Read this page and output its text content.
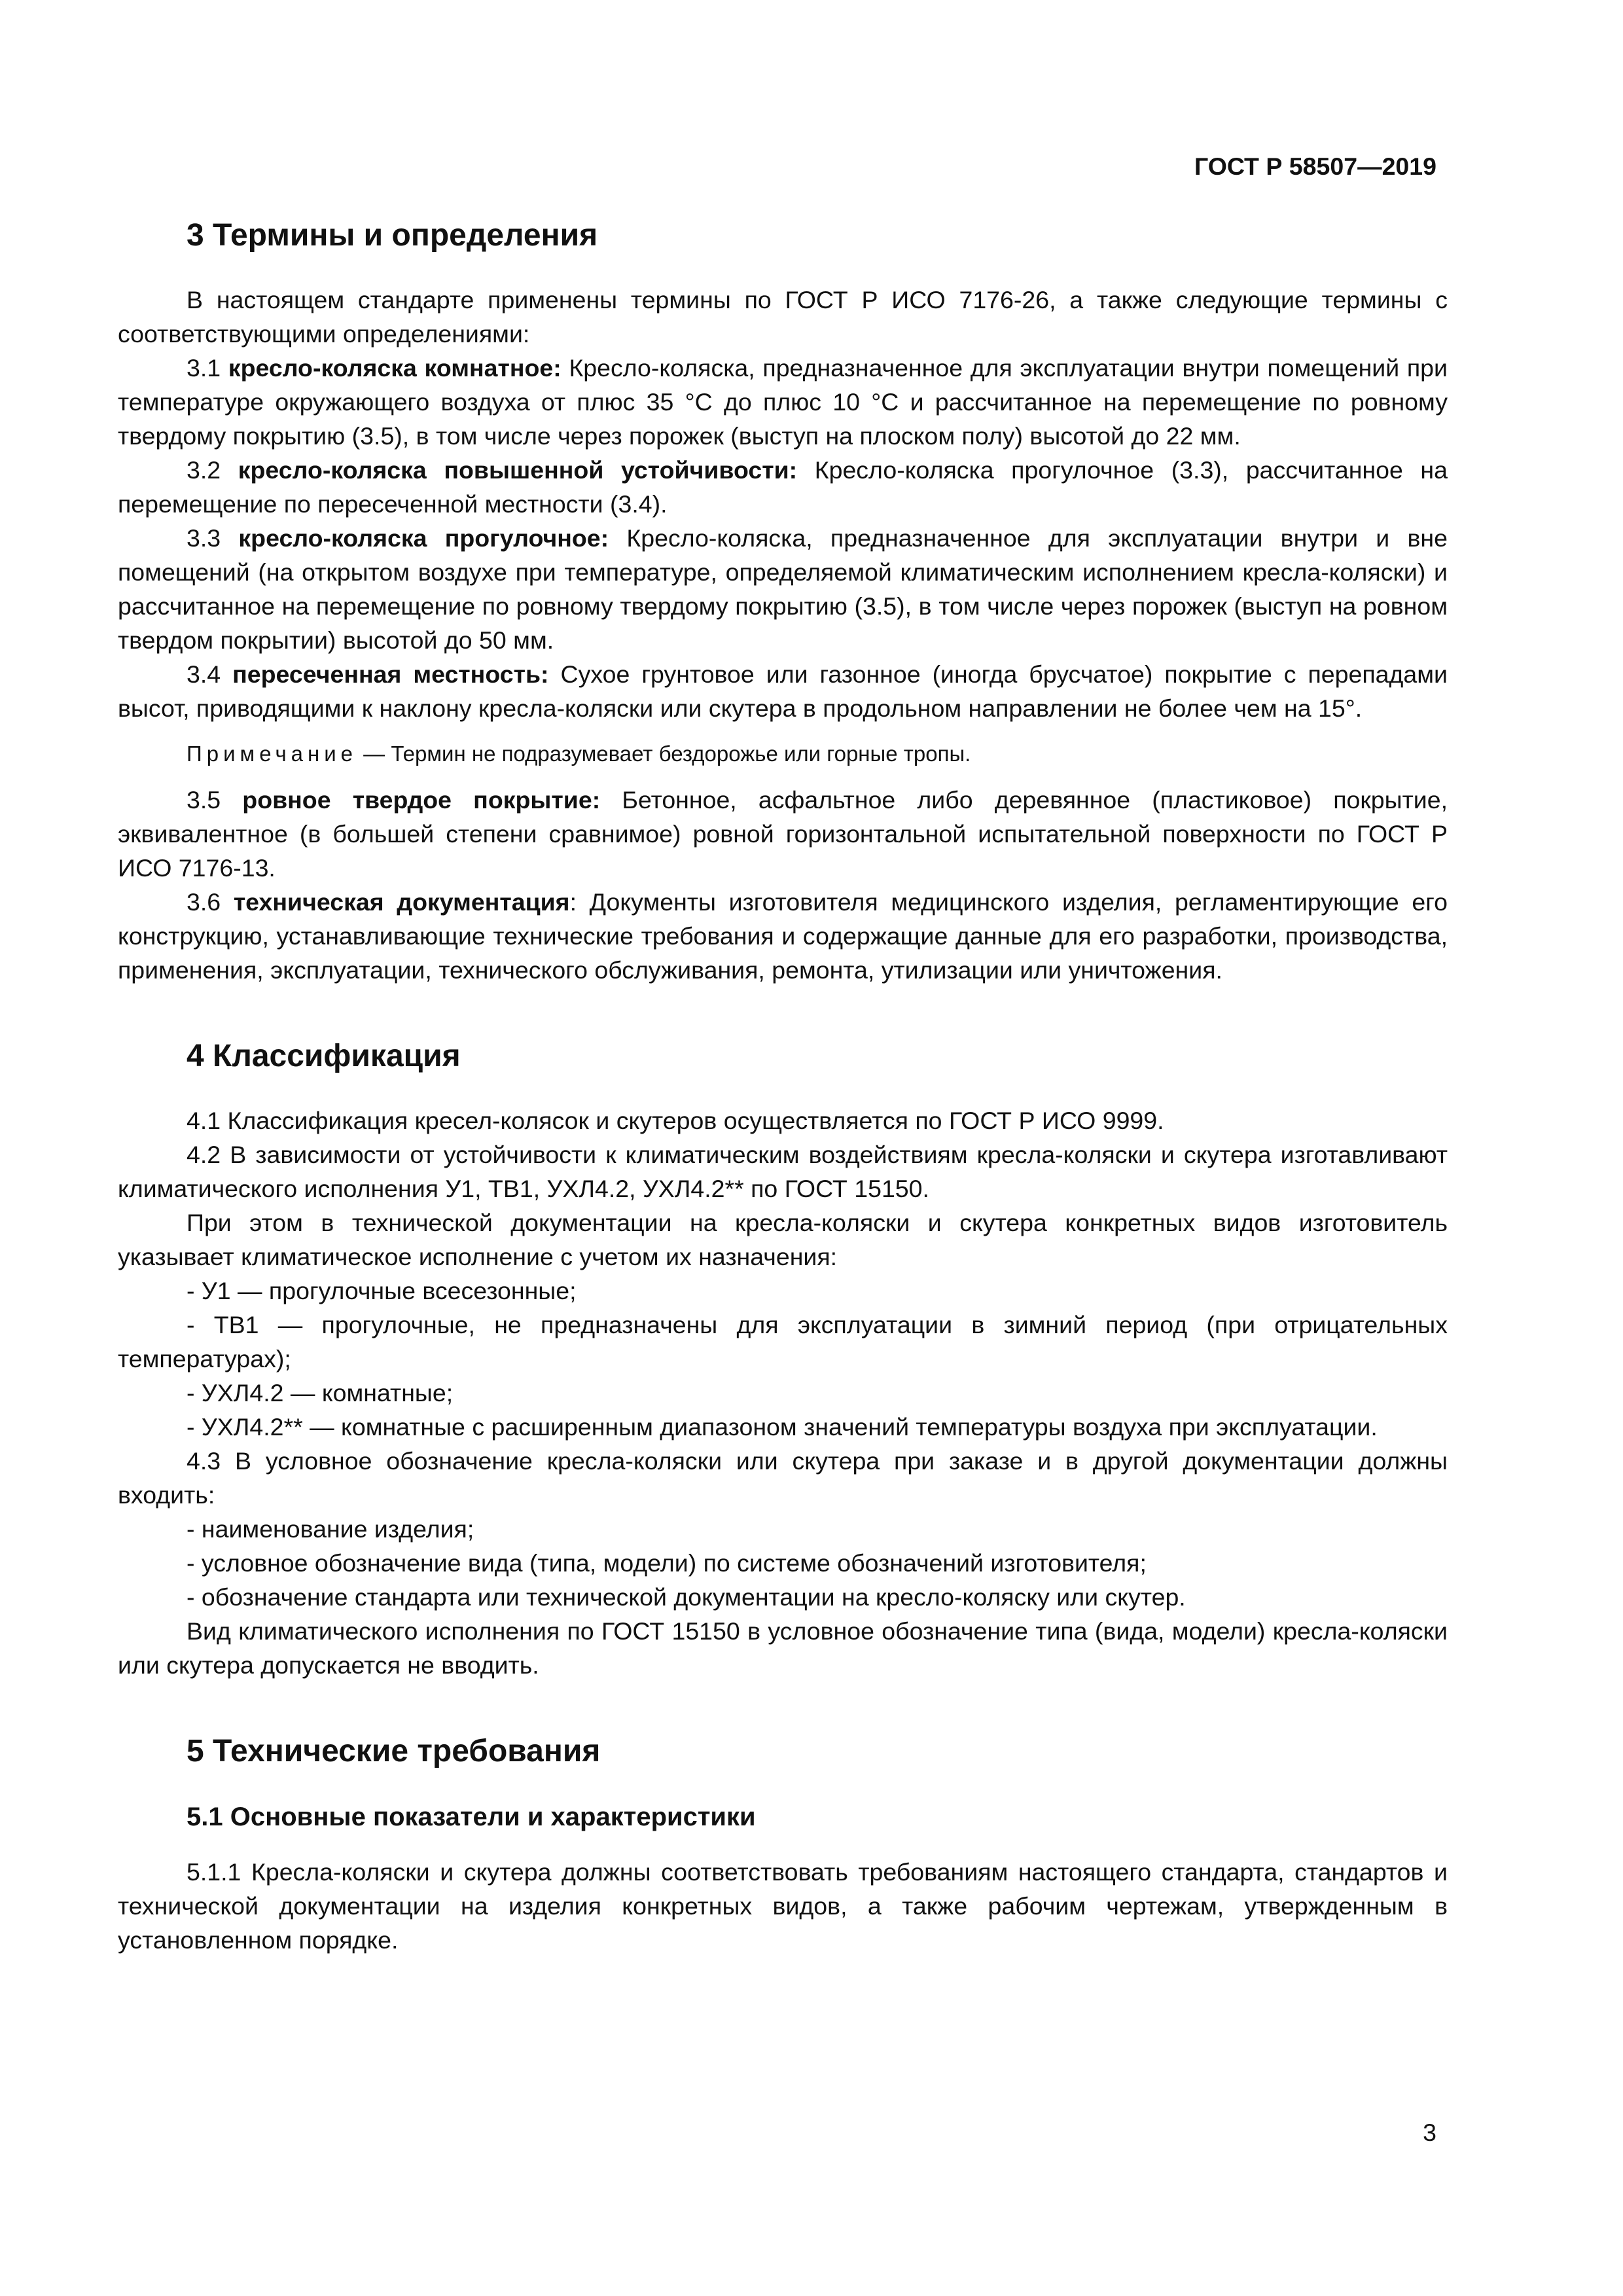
ГОСТ Р 58507—2019
3 Термины и определения

В настоящем стандарте применены термины по ГОСТ Р ИСО 7176-26, а также следующие термины с соответствующими определениями:

3.1 кресло-коляска комнатное: Кресло-коляска, предназначенное для эксплуатации внутри помещений при температуре окружающего воздуха от плюс 35 °С до плюс 10 °С и рассчитанное на перемещение по ровному твердому покрытию (3.5), в том числе через порожек (выступ на плоском полу) высотой до 22 мм.

3.2 кресло-коляска повышенной устойчивости: Кресло-коляска прогулочное (3.3), рассчитанное на перемещение по пересеченной местности (3.4).

3.3 кресло-коляска прогулочное: Кресло-коляска, предназначенное для эксплуатации внутри и вне помещений (на открытом воздухе при температуре, определяемой климатическим исполнением кресла-коляски) и рассчитанное на перемещение по ровному твердому покрытию (3.5), в том числе через порожек (выступ на ровном твердом покрытии) высотой до 50 мм.

3.4 пересеченная местность: Сухое грунтовое или газонное (иногда брусчатое) покрытие с перепадами высот, приводящими к наклону кресла-коляски или скутера в продольном направлении не более чем на 15°.

Примечание — Термин не подразумевает бездорожье или горные тропы.

3.5 ровное твердое покрытие: Бетонное, асфальтное либо деревянное (пластиковое) покрытие, эквивалентное (в большей степени сравнимое) ровной горизонтальной испытательной поверхности по ГОСТ Р ИСО 7176-13.

3.6 техническая документация: Документы изготовителя медицинского изделия, регламентирующие его конструкцию, устанавливающие технические требования и содержащие данные для его разработки, производства, применения, эксплуатации, технического обслуживания, ремонта, утилизации или уничтожения.

4 Классификация

4.1 Классификация кресел-колясок и скутеров осуществляется по ГОСТ Р ИСО 9999.

4.2 В зависимости от устойчивости к климатическим воздействиям кресла-коляски и скутера изготавливают климатического исполнения У1, ТВ1, УХЛ4.2, УХЛ4.2** по ГОСТ 15150.

При этом в технической документации на кресла-коляски и скутера конкретных видов изготовитель указывает климатическое исполнение с учетом их назначения:

- У1 — прогулочные всесезонные;

- ТВ1 — прогулочные, не предназначены для эксплуатации в зимний период (при отрицательных температурах);

- УХЛ4.2 — комнатные;

- УХЛ4.2** — комнатные с расширенным диапазоном значений температуры воздуха при эксплуатации.

4.3 В условное обозначение кресла-коляски или скутера при заказе и в другой документации должны входить:

- наименование изделия;

- условное обозначение вида (типа, модели) по системе обозначений изготовителя;

- обозначение стандарта или технической документации на кресло-коляску или скутер.

Вид климатического исполнения по ГОСТ 15150 в условное обозначение типа (вида, модели) кресла-коляски или скутера допускается не вводить.

5 Технические требования
5.1 Основные показатели и характеристики

5.1.1 Кресла-коляски и скутера должны соответствовать требованиям настоящего стандарта, стандартов и технической документации на изделия конкретных видов, а также рабочим чертежам, утвержденным в установленном порядке.

3
